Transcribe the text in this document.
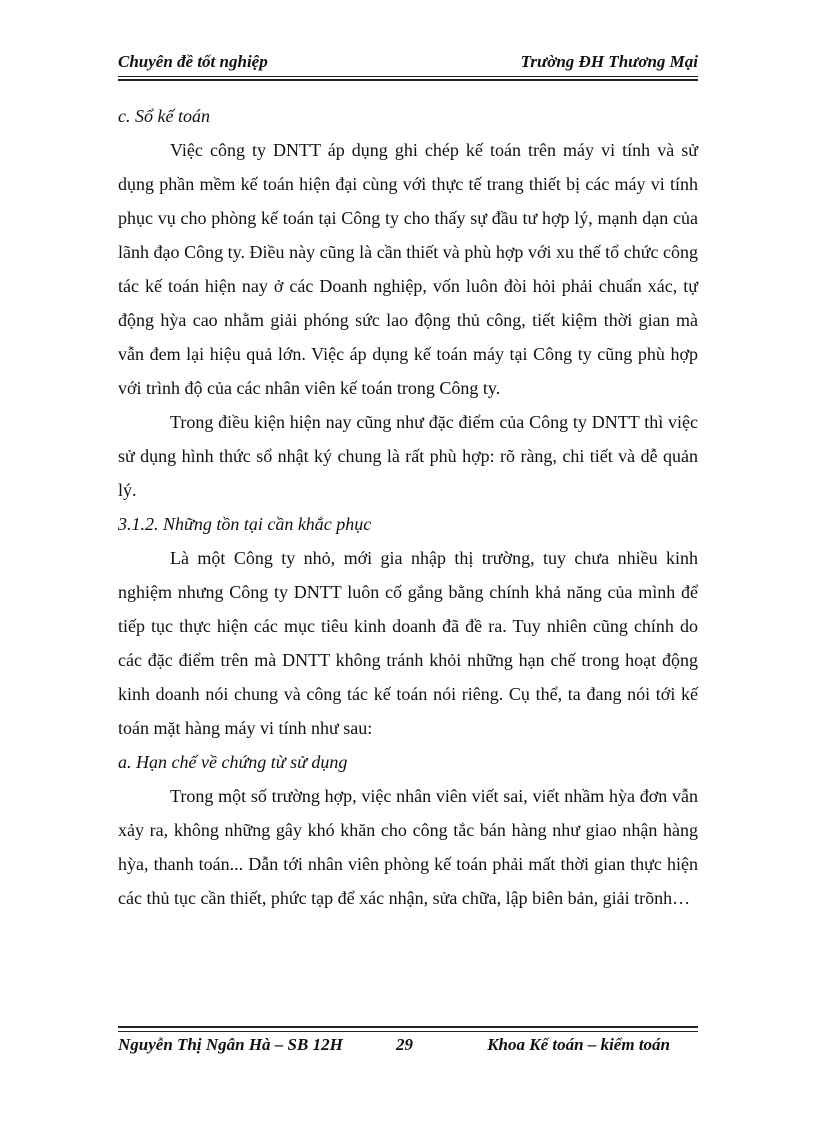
Chuyên đề tốt nghiệp	Trường ĐH Thương Mại
c. Sổ kế toán

Việc công ty DNTT áp dụng ghi chép kế toán trên máy vi tính và sử dụng phần mềm kế toán hiện đại cùng với thực tế trang thiết bị các máy vi tính phục vụ cho phòng kế toán tại Công ty cho thấy sự đầu tư hợp lý, mạnh dạn của lãnh đạo Công ty. Điều này cũng là cần thiết và phù hợp với xu thế tổ chức công tác kế toán hiện nay ở các Doanh nghiệp, vốn luôn đòi hỏi phải chuẩn xác, tự động hỳa cao nhằm giải phóng sức lao động thủ công, tiết kiệm thời gian mà vẫn đem lại hiệu quả lớn. Việc áp dụng kế toán máy tại Công ty cũng phù hợp với trình độ của các nhân viên kế toán trong Công ty.

Trong điều kiện hiện nay cũng như đặc điểm của Công ty DNTT thì việc sử dụng hình thức sổ nhật ký chung là rất phù hợp: rõ ràng, chi tiết và dễ quản lý.

3.1.2. Những tồn tại cần khắc phục

Là một Công ty nhỏ, mới gia nhập thị trường, tuy chưa nhiều kinh nghiệm nhưng Công ty DNTT luôn cố gắng bằng chính khả năng của mình để tiếp tục thực hiện các mục tiêu kinh doanh đã đề ra. Tuy nhiên cũng chính do các đặc điểm trên mà DNTT không tránh khỏi những hạn chế trong hoạt động kinh doanh nói chung và công tác kế toán nói riêng. Cụ thể, ta đang nói tới kế toán mặt hàng máy vi tính như sau:

a. Hạn chế về chứng từ sử dụng

Trong một số trường hợp, việc nhân viên viết sai, viết nhầm hỳa đơn vẫn xảy ra, không những gây khó khăn cho công tắc bán hàng như giao nhận hàng hỳa, thanh toán... Dẫn tới nhân viên phòng kế toán phải mất thời gian thực hiện các thủ tục cần thiết, phức tạp để xác nhận, sửa chữa, lập biên bản, giải trõnh…

Nguyễn Thị Ngân Hà – SB 12H	29	Khoa Kế toán – kiểm toán
